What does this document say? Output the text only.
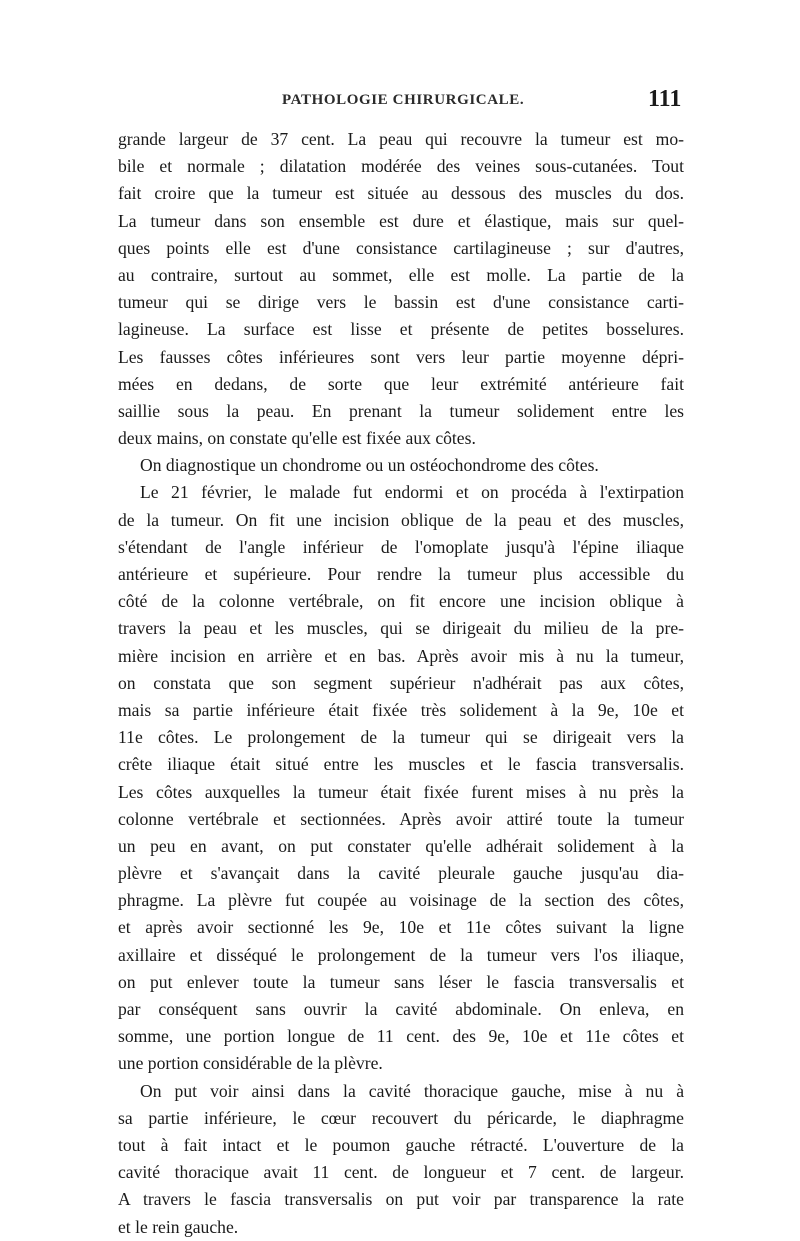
PATHOLOGIE CHIRURGICALE.	111
grande largeur de 37 cent. La peau qui recouvre la tumeur est mo-
bile et normale ; dilatation modérée des veines sous-cutanées. Tout
fait croire que la tumeur est située au dessous des muscles du dos.
La tumeur dans son ensemble est dure et élastique, mais sur quel-
ques points elle est d'une consistance cartilagineuse ; sur d'autres,
au contraire, surtout au sommet, elle est molle. La partie de la
tumeur qui se dirige vers le bassin est d'une consistance carti-
lagineuse. La surface est lisse et présente de petites bosselures.
Les fausses côtes inférieures sont vers leur partie moyenne dépri-
mées en dedans, de sorte que leur extrémité antérieure fait
saillie sous la peau. En prenant la tumeur solidement entre les
deux mains, on constate qu'elle est fixée aux côtes.
On diagnostique un chondrome ou un ostéochondrome des côtes.
Le 21 février, le malade fut endormi et on procéda à l'extirpation
de la tumeur. On fit une incision oblique de la peau et des muscles,
s'étendant de l'angle inférieur de l'omoplate jusqu'à l'épine iliaque
antérieure et supérieure. Pour rendre la tumeur plus accessible du
côté de la colonne vertébrale, on fit encore une incision oblique à
travers la peau et les muscles, qui se dirigeait du milieu de la pre-
mière incision en arrière et en bas. Après avoir mis à nu la tumeur,
on constata que son segment supérieur n'adhérait pas aux côtes,
mais sa partie inférieure était fixée très solidement à la 9e, 10e et
11e côtes. Le prolongement de la tumeur qui se dirigeait vers la
crête iliaque était situé entre les muscles et le fascia transversalis.
Les côtes auxquelles la tumeur était fixée furent mises à nu près la
colonne vertébrale et sectionnées. Après avoir attiré toute la tumeur
un peu en avant, on put constater qu'elle adhérait solidement à la
plèvre et s'avançait dans la cavité pleurale gauche jusqu'au dia-
phragme. La plèvre fut coupée au voisinage de la section des côtes,
et après avoir sectionné les 9e, 10e et 11e côtes suivant la ligne
axillaire et disséqué le prolongement de la tumeur vers l'os iliaque,
on put enlever toute la tumeur sans léser le fascia transversalis et
par conséquent sans ouvrir la cavité abdominale. On enleva, en
somme, une portion longue de 11 cent. des 9e, 10e et 11e côtes et
une portion considérable de la plèvre.
On put voir ainsi dans la cavité thoracique gauche, mise à nu à
sa partie inférieure, le cœur recouvert du péricarde, le diaphragme
tout à fait intact et le poumon gauche rétracté. L'ouverture de la
cavité thoracique avait 11 cent. de longueur et 7 cent. de largeur.
A travers le fascia transversalis on put voir par transparence la rate
et le rein gauche.
